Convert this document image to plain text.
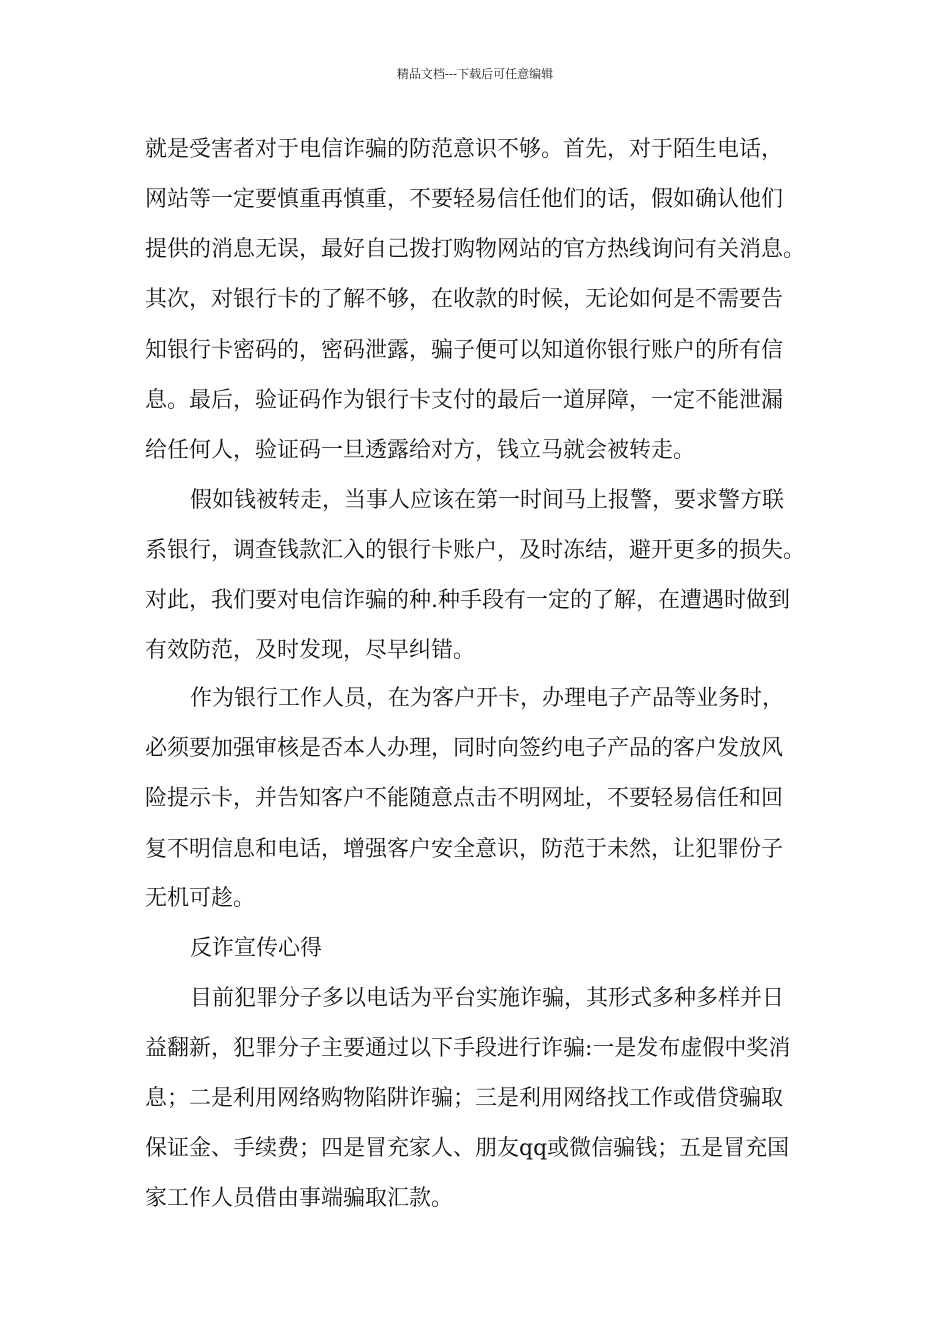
精品文档---下载后可任意编辑

就是受害者对于电信诈骗的防范意识不够。首先，对于陌生电话，

网站等一定要慎重再慎重，不要轻易信任他们的话，假如确认他们

提供的消息无误，最好自己拨打购物网站的官方热线询问有关消息。

其次，对银行卡的了解不够，在收款的时候，无论如何是不需要告

知银行卡密码的，密码泄露，骗子便可以知道你银行账户的所有信

息。最后，验证码作为银行卡支付的最后一道屏障，一定不能泄漏

给任何人，验证码一旦透露给对方，钱立马就会被转走。

假如钱被转走，当事人应该在第一时间马上报警，要求警方联

系银行，调查钱款汇入的银行卡账户，及时冻结，避开更多的损失。

对此，我们要对电信诈骗的种.种手段有一定的了解，在遭遇时做到

有效防范，及时发现，尽早纠错。

作为银行工作人员，在为客户开卡，办理电子产品等业务时，

必须要加强审核是否本人办理，同时向签约电子产品的客户发放风

险提示卡，并告知客户不能随意点击不明网址，不要轻易信任和回

复不明信息和电话，增强客户安全意识，防范于未然，让犯罪份子

无机可趁。

反诈宣传心得

目前犯罪分子多以电话为平台实施诈骗，其形式多种多样并日

益翻新，犯罪分子主要通过以下手段进行诈骗:一是发布虚假中奖消

息；二是利用网络购物陷阱诈骗；三是利用网络找工作或借贷骗取

保证金、手续费；四是冒充家人、朋友qq或微信骗钱；五是冒充国

家工作人员借由事端骗取汇款。
